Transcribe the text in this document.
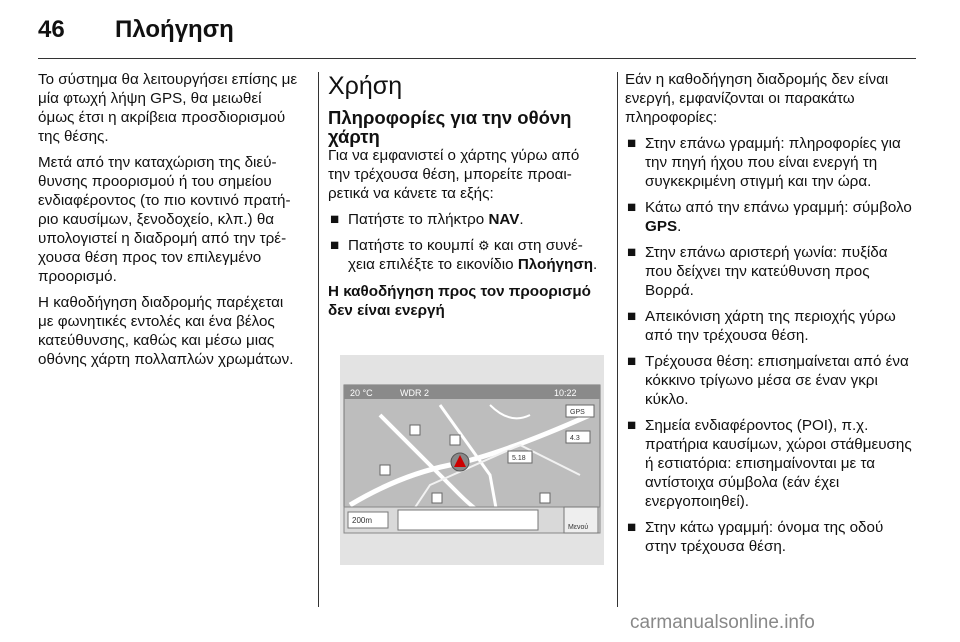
46 Πλοήγηση

Το σύστημα θα λειτουργήσει επίσης με μία φτωχή λήψη GPS, θα μειωθεί όμως έτσι η ακρίβεια προσδιορισμού της θέσης.

Μετά από την καταχώριση της διεύθυνσης προορισμού ή του σημείου ενδιαφέροντος (το πιο κοντινό πρατήριο καυσίμων, ξενοδοχείο, κλπ.) θα υπολογιστεί η διαδρομή από την τρέχουσα θέση προς τον επιλεγμένο προορισμό.

Η καθοδήγηση διαδρομής παρέχεται με φωνητικές εντολές και ένα βέλος κατεύθυνσης, καθώς και μέσω μιας οθόνης χάρτη πολλαπλών χρωμάτων.

Χρήση
Πληροφορίες για την οθόνη χάρτη

Για να εμφανιστεί ο χάρτης γύρω από την τρέχουσα θέση, μπορείτε προαιρετικά να κάνετε τα εξής:

■ Πατήστε το πλήκτρο NAV.
■ Πατήστε το κουμπί ⚙ και στη συνέχεια επιλέξτε το εικονίδιο Πλοήγηση.

Η καθοδήγηση προς τον προορισμό δεν είναι ενεργή

20 °C	WDR 2	10:22
GPS
4.3
5.18
200m
Μενού

Εάν η καθοδήγηση διαδρομής δεν είναι ενεργή, εμφανίζονται οι παρακάτω πληροφορίες:

■ Στην επάνω γραμμή: πληροφορίες για την πηγή ήχου που είναι ενεργή τη συγκεκριμένη στιγμή και την ώρα.
■ Κάτω από την επάνω γραμμή: σύμβολο GPS.
■ Στην επάνω αριστερή γωνία: πυξίδα που δείχνει την κατεύθυνση προς Βορρά.
■ Απεικόνιση χάρτη της περιοχής γύρω από την τρέχουσα θέση.
■ Τρέχουσα θέση: επισημαίνεται από ένα κόκκινο τρίγωνο μέσα σε έναν γκρι κύκλο.
■ Σημεία ενδιαφέροντος (POI), π.χ. πρατήρια καυσίμων, χώροι στάθμευσης ή εστιατόρια: επισημαίνονται με τα αντίστοιχα σύμβολα (εάν έχει ενεργοποιηθεί).
■ Στην κάτω γραμμή: όνομα της οδού στην τρέχουσα θέση.
carmanualsonline.info
